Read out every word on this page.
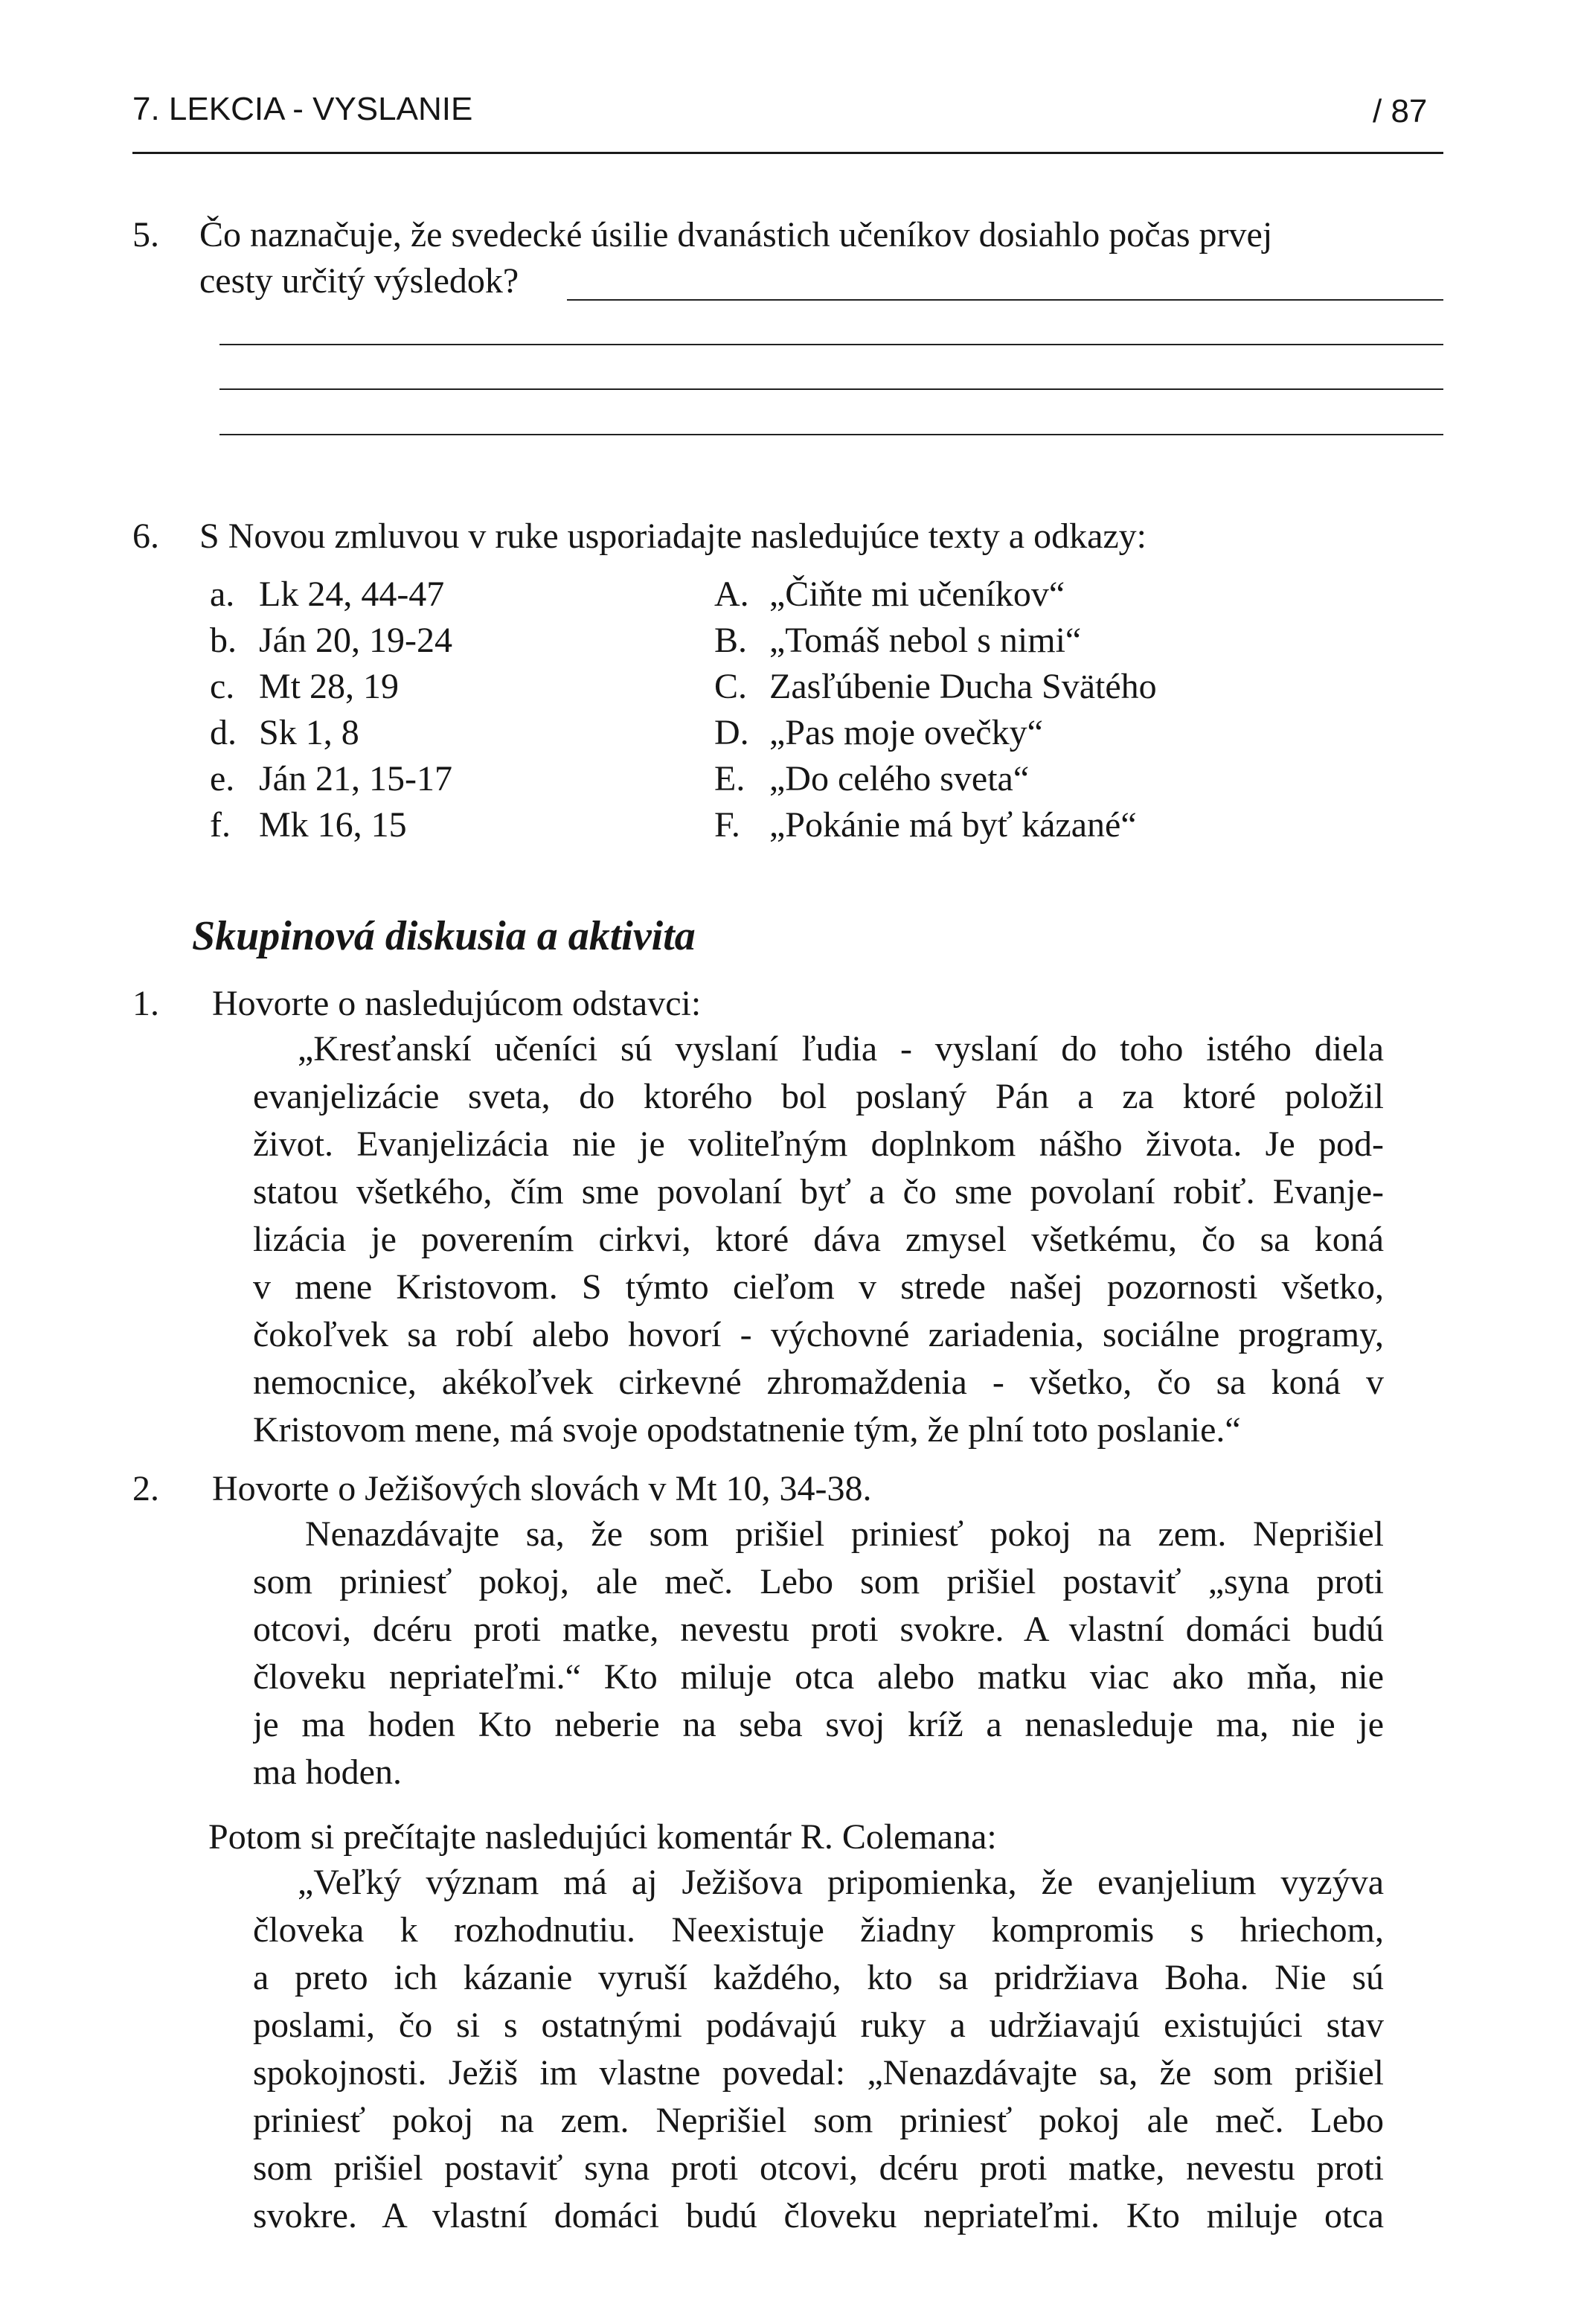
7. LEKCIA - VYSLANIE	/ 87
5. Čo naznačuje, že svedecké úsilie dvanástich učeníkov dosiahlo počas prvej
cesty určitý výsledok?
6. S Novou zmluvou v ruke usporiadajte nasledujúce texty a odkazy:
a. Lk 24, 44-47
b. Ján 20, 19-24
c. Mt 28, 19
d. Sk 1, 8
e. Ján 21, 15-17
f. Mk 16, 15
A. „Čiňte mi učeníkov“
B. „Tomáš nebol s nimi“
C. Zasľúbenie Ducha Svätého
D. „Pas moje ovečky“
E. „Do celého sveta“
F. „Pokánie má byť kázané“
Skupinová diskusia a aktivita
1. Hovorte o nasledujúcom odstavci:
„Kresťanskí učeníci sú vyslaní ľudia - vyslaní do toho istého diela
evanjelizácie sveta, do ktorého bol poslaný Pán a za ktoré položil
život. Evanjelizácia nie je voliteľným doplnkom nášho života. Je pod-
statou všetkého, čím sme povolaní byť a čo sme povolaní robiť. Evanje-
lizácia je poverením cirkvi, ktoré dáva zmysel všetkému, čo sa koná
v mene Kristovom. S týmto cieľom v strede našej pozornosti všetko,
čokoľvek sa robí alebo hovorí - výchovné zariadenia, sociálne programy,
nemocnice, akékoľvek cirkevné zhromaždenia - všetko, čo sa koná v
Kristovom mene, má svoje opodstatnenie tým, že plní toto poslanie.“
2. Hovorte o Ježišových slovách v Mt 10, 34-38.
Nenazdávajte sa, že som prišiel priniesť pokoj na zem. Neprišiel
som priniesť pokoj, ale meč. Lebo som prišiel postaviť „syna proti
otcovi, dcéru proti matke, nevestu proti svokre. A vlastní domáci budú
človeku nepriateľmi.“ Kto miluje otca alebo matku viac ako mňa, nie
je ma hoden Kto neberie na seba svoj kríž a nenasleduje ma, nie je
ma hoden.
Potom si prečítajte nasledujúci komentár R. Colemana:
„Veľký význam má aj Ježišova pripomienka, že evanjelium vyzýva
človeka k rozhodnutiu. Neexistuje žiadny kompromis s hriechom,
a preto ich kázanie vyruší každého, kto sa pridržiava Boha. Nie sú
poslami, čo si s ostatnými podávajú ruky a udržiavajú existujúci stav
spokojnosti. Ježiš im vlastne povedal: „Nenazdávajte sa, že som prišiel
priniesť pokoj na zem. Neprišiel som priniesť pokoj ale meč. Lebo
som prišiel postaviť syna proti otcovi, dcéru proti matke, nevestu proti
svokre. A vlastní domáci budú človeku nepriateľmi. Kto miluje otca
